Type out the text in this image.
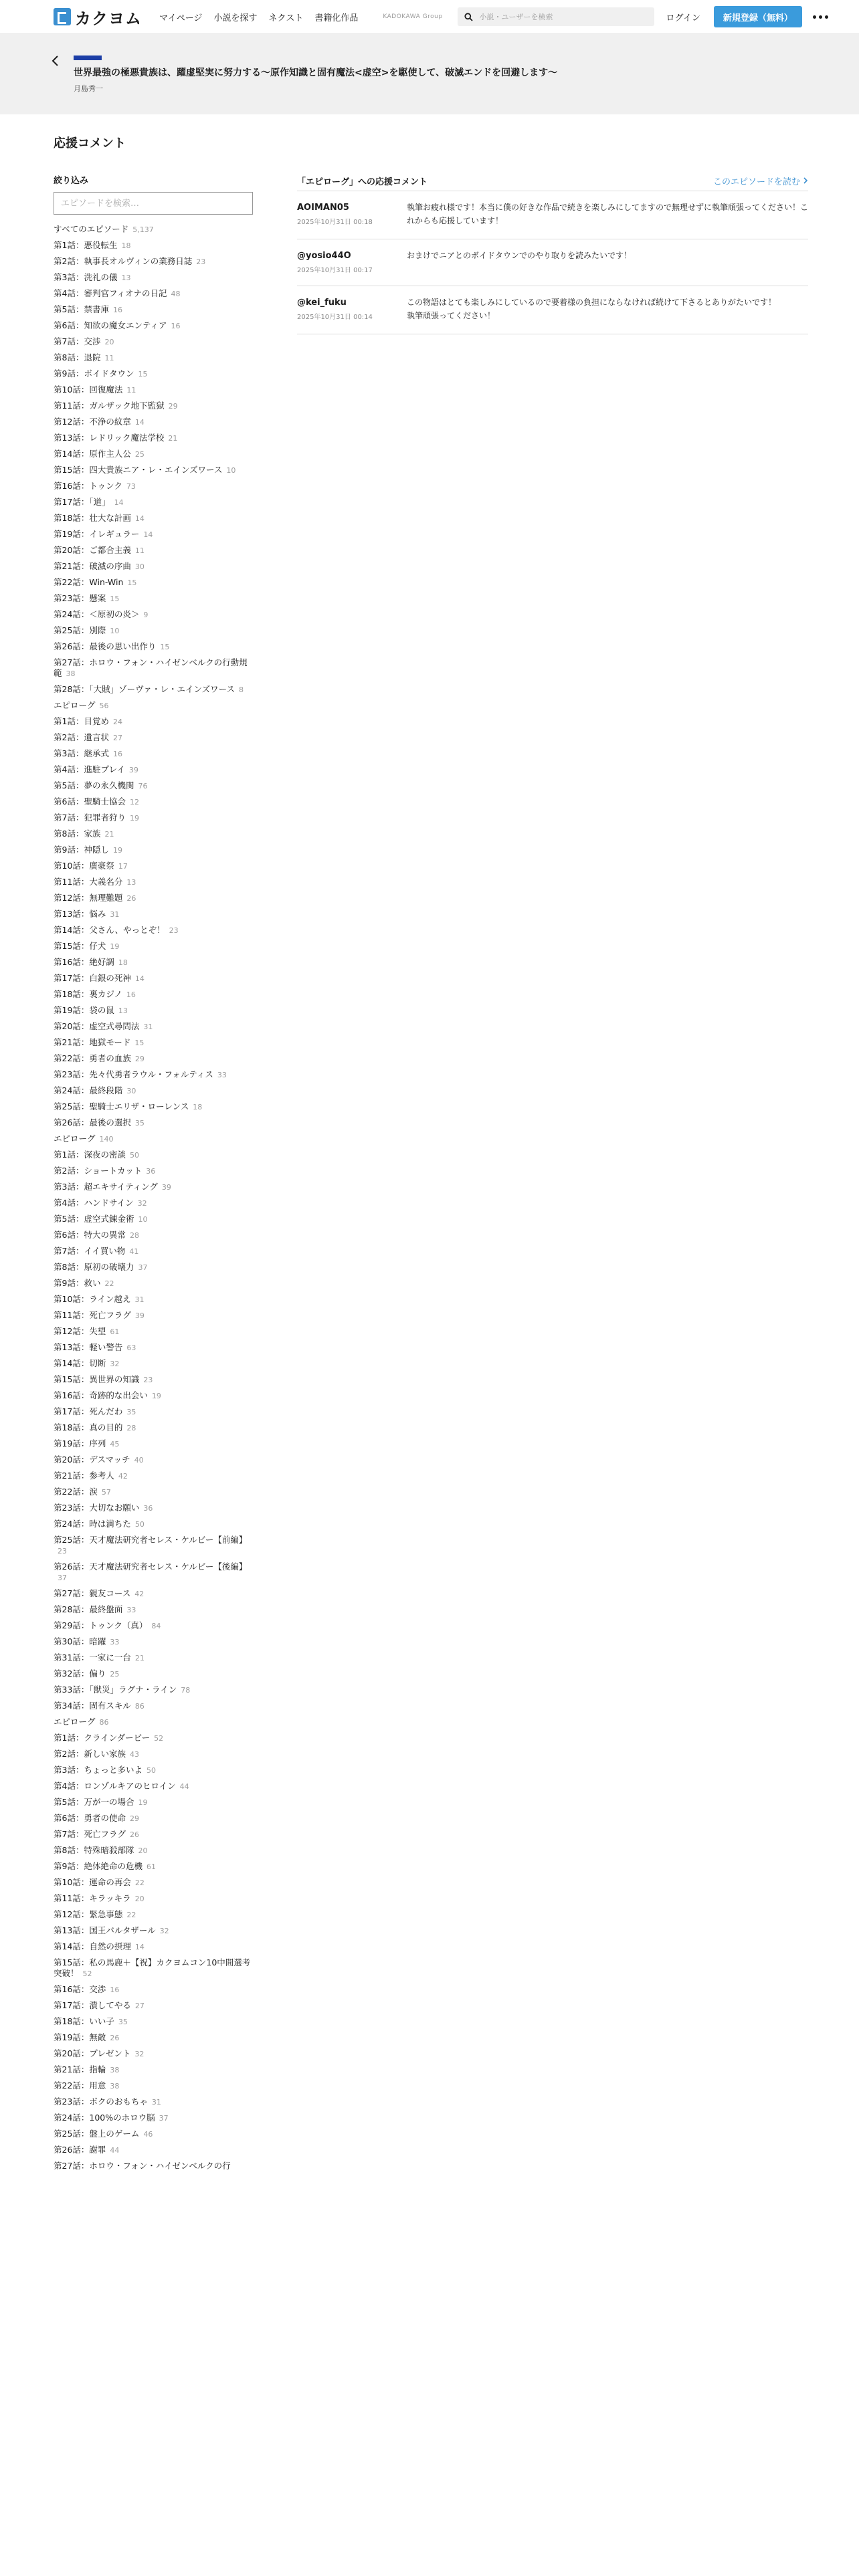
カクヨム マイページ 小説を探す ネクスト 書籍化作品	KADOKAWA Group
小説・ユーザーを検索	ログイン	新規登録（無料）
世界最強の極悪貴族は、躍虚堅実に努力する〜原作知識と固有魔法<虚空>を駆使して、破滅エンドを回避します〜
月島秀一
応援コメント
絞り込み
エピソードを検索…
すべてのエピソード 5,137
第1話：悪役転生 18
第2話：執事長オルヴィンの業務日誌 23
第3話：洗礼の儀 13
第4話：審判官フィオナの日記 48
第5話：禁書庫 16
第6話：知欲の魔女エンティア 16
第7話：交渉 20
第8話：退院 11
第9話：ボイドタウン 15
第10話：回復魔法 11
第11話：ガルザック地下監獄 29
第12話：不浄の紋章 14
第13話：レドリック魔法学校 21
第14話：原作主人公 25
第15話：四大貴族ニア・レ・エインズワース 10
第16話：トゥンク 73
第17話：「道」 14
第18話：壮大な計画 14
第19話：イレギュラー 14
第20話：ご都合主義 11
第21話：破滅の序曲 30
第22話：Win-Win 15
第23話：懸案 15
第24話：＜原初の炎＞ 9
第25話：別際 10
第26話：最後の思い出作り 15
第27話：ホロウ・フォン・ハイゼンベルクの行動規範 38
第28話：「大賊」ゾーヴァ・レ・エインズワース 8
エピローグ 56
第1話：目覚め 24
第2話：遺言状 27
第3話：継承式 16
第4話：進駐プレイ 39
第5話：夢の永久機関 76
第6話：聖騎士協会 12
第7話：犯罪者狩り 19
第8話：家族 21
第9話：神隠し 19
第10話：廣豪祭 17
第11話：大義名分 13
第12話：無理難題 26
第13話：悩み 31
第14話：父さん、やっとぞ！ 23
第15話：仔犬 19
第16話：絶好調 18
第17話：白銀の死神 14
第18話：裏カジノ 16
第19話：袋の鼠 13
第20話：虚空式尋問法 31
第21話：地獄モード 15
第22話：勇者の血族 29
第23話：先々代勇者ラウル・フォルティス 33
第24話：最終段階 30
第25話：聖騎士エリザ・ローレンス 18
第26話：最後の選択 35
エピローグ 140
第1話：深夜の密談 50
第2話：ショートカット 36
第3話：超エキサイティング 39
第4話：ハンドサイン 32
第5話：虚空式錬金術 10
第6話：特大の異常 28
第7話：イイ買い物 41
第8話：原初の破壊力 37
第9話：救い 22
第10話：ライン越え 31
第11話：死亡フラグ 39
第12話：失望 61
第13話：軽い警告 63
第14話：切断 32
第15話：異世界の知識 23
第16話：奇跡的な出会い 19
第17話：死んだわ 35
第18話：真の目的 28
第19話：序列 45
第20話：デスマッチ 40
第21話：参考人 42
第22話：涙 57
第23話：大切なお願い 36
第24話：時は満ちた 50
第25話：天才魔法研究者セレス・ケルビー【前編】23
第26話：天才魔法研究者セレス・ケルビー【後編】37
第27話：親友コース 42
第28話：最終盤面 33
第29話：トゥンク（真） 84
第30話：暗躍 33
第31話：一家に一台 21
第32話：偏り 25
第33話：「獣災」ラグナ・ライン 78
第34話：固有スキル 86
エピローグ 86
第1話：クラインダービー 52
第2話：新しい家族 43
第3話：ちょっと多いよ 50
第4話：ロンゾルキアのヒロイン 44
第5話：万が一の場合 19
第6話：勇者の使命 29
第7話：死亡フラグ 26
第8話：特殊暗殺部隊 20
第9話：絶体絶命の危機 61
第10話：運命の再会 22
第11話：キラッキラ 20
第12話：緊急事態 22
第13話：国王バルタザール 32
第14話：自然の摂理 14
第15話：私の馬鹿＋【祝】カクヨムコン10中間選考突破！ 52
第16話：交渉 16
第17話：潰してやる 27
第18話：いい子 35
第19話：無敵 26
第20話：プレゼント 32
第21話：指輪 38
第22話：用意 38
第23話：ボクのおもちゃ 31
第24話：100%のホロウ脳 37
第25話：盤上のゲーム 46
第26話：謝罪 44
第27話：ホロウ・フォン・ハイゼンベルクの行
「エピローグ」への応援コメント	このエピソードを読む
AOIMAN05
2025年10月31日 00:18
執筆お疲れ様です！本当に僕の好きな作品で続きを楽しみにしてますので無理せずに執筆頑張ってください！これからも応援しています！
@yosio44O
2025年10月31日 00:17
おまけでニアとのボイドタウンでのやり取りを読みたいです！
@kei_fuku
2025年10月31日 00:14
この物語はとても楽しみにしているので要着様の負担にならなければ続けて下さるとありがたいです！
執筆頑張ってください！
